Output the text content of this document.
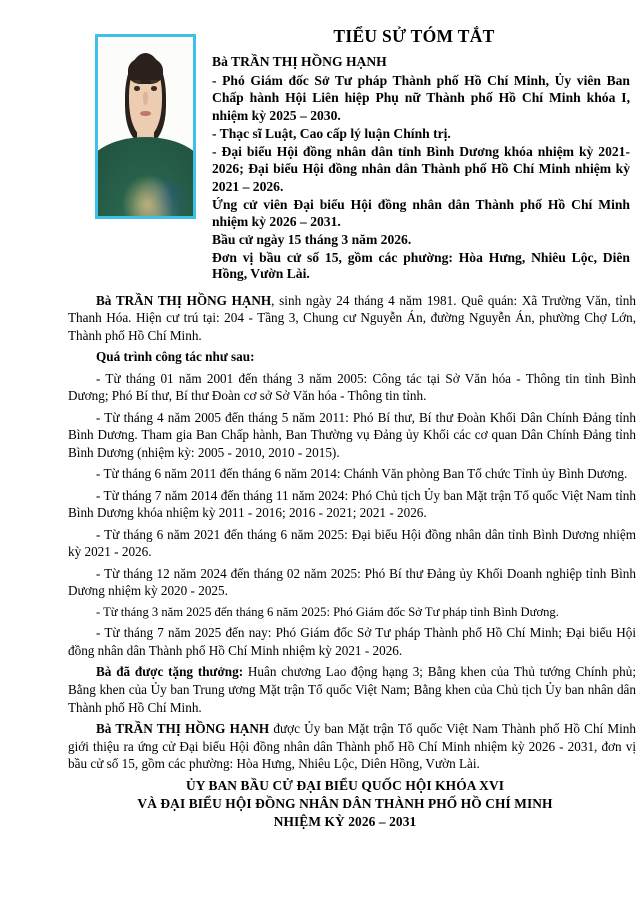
TIỂU SỬ TÓM TẮT
Bà TRẦN THỊ HỒNG HẠNH
- Phó Giám đốc Sở Tư pháp Thành phố Hồ Chí Minh, Ủy viên Ban Chấp hành Hội Liên hiệp Phụ nữ Thành phố Hồ Chí Minh khóa I, nhiệm kỳ 2025 – 2030.
- Thạc sĩ Luật, Cao cấp lý luận Chính trị.
- Đại biểu Hội đồng nhân dân tỉnh Bình Dương khóa nhiệm kỳ 2021-2026; Đại biểu Hội đồng nhân dân Thành phố Hồ Chí Minh nhiệm kỳ 2021 – 2026.
Ứng cử viên Đại biểu Hội đồng nhân dân Thành phố Hồ Chí Minh nhiệm kỳ 2026 – 2031.
Bầu cử ngày 15 tháng 3 năm 2026.
Đơn vị bầu cử số 15, gồm các phường: Hòa Hưng, Nhiêu Lộc, Diên Hồng, Vườn Lài.

Bà TRẦN THỊ HỒNG HẠNH, sinh ngày 24 tháng 4 năm 1981. Quê quán: Xã Trường Văn, tỉnh Thanh Hóa. Hiện cư trú tại: 204 - Tầng 3, Chung cư Nguyễn Án, đường Nguyễn Án, phường Chợ Lớn, Thành phố Hồ Chí Minh.

Quá trình công tác như sau:

- Từ tháng 01 năm 2001 đến tháng 3 năm 2005: Công tác tại Sở Văn hóa - Thông tin tỉnh Bình Dương; Phó Bí thư, Bí thư Đoàn cơ sở Sở Văn hóa - Thông tin tỉnh.

- Từ tháng 4 năm 2005 đến tháng 5 năm 2011: Phó Bí thư, Bí thư Đoàn Khối Dân Chính Đảng tỉnh Bình Dương. Tham gia Ban Chấp hành, Ban Thường vụ Đảng ủy Khối các cơ quan Dân Chính Đảng tỉnh Bình Dương (nhiệm kỳ: 2005 - 2010, 2010 - 2015).

- Từ tháng 6 năm 2011 đến tháng 6 năm 2014: Chánh Văn phòng Ban Tổ chức Tỉnh ủy Bình Dương.

- Từ tháng 7 năm 2014 đến tháng 11 năm 2024: Phó Chủ tịch Ủy ban Mặt trận Tổ quốc Việt Nam tỉnh Bình Dương khóa nhiệm kỳ 2011 - 2016; 2016 - 2021; 2021 - 2026.

- Từ tháng 6 năm 2021 đến tháng 6 năm 2025: Đại biểu Hội đồng nhân dân tỉnh Bình Dương nhiệm kỳ 2021 - 2026.

- Từ tháng 12 năm 2024 đến tháng 02 năm 2025: Phó Bí thư Đảng ủy Khối Doanh nghiệp tỉnh Bình Dương nhiệm kỳ 2020 - 2025.

- Từ tháng 3 năm 2025 đến tháng 6 năm 2025: Phó Giám đốc Sở Tư pháp tỉnh Bình Dương.

- Từ tháng 7 năm 2025 đến nay: Phó Giám đốc Sở Tư pháp Thành phố Hồ Chí Minh; Đại biểu Hội đồng nhân dân Thành phố Hồ Chí Minh nhiệm kỳ 2021 - 2026.

Bà đã được tặng thưởng: Huân chương Lao động hạng 3; Bằng khen của Thủ tướng Chính phủ; Bằng khen của Ủy ban Trung ương Mặt trận Tổ quốc Việt Nam; Bằng khen của Chủ tịch Ủy ban nhân dân Thành phố Hồ Chí Minh.

Bà TRẦN THỊ HỒNG HẠNH được Ủy ban Mặt trận Tổ quốc Việt Nam Thành phố Hồ Chí Minh giới thiệu ra ứng cử Đại biểu Hội đồng nhân dân Thành phố Hồ Chí Minh nhiệm kỳ 2026 - 2031, đơn vị bầu cử số 15, gồm các phường: Hòa Hưng, Nhiêu Lộc, Diên Hồng, Vườn Lài.

ỦY BAN BẦU CỬ ĐẠI BIỂU QUỐC HỘI KHÓA XVI
VÀ ĐẠI BIỂU HỘI ĐỒNG NHÂN DÂN THÀNH PHỐ HỒ CHÍ MINH
NHIỆM KỲ 2026 – 2031
